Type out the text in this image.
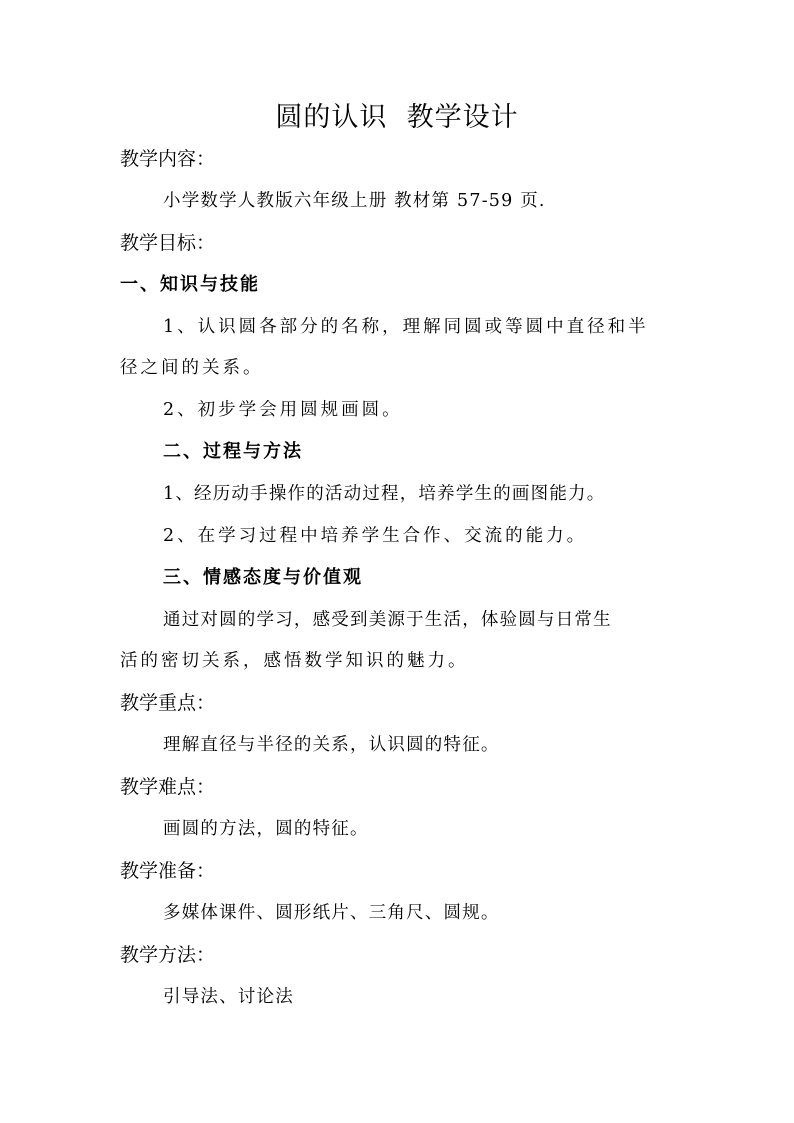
圆的认识  教学设计
教学内容：
小学数学人教版六年级上册 教材第 57-59 页.
教学目标：
一、知识与技能
1、认识圆各部分的名称，理解同圆或等圆中直径和半
径之间的关系。
2、初步学会用圆规画圆。
二、过程与方法
1、经历动手操作的活动过程，培养学生的画图能力。
2、在学习过程中培养学生合作、交流的能力。
三、情感态度与价值观
通过对圆的学习，感受到美源于生活，体验圆与日常生
活的密切关系，感悟数学知识的魅力。
教学重点：
理解直径与半径的关系，认识圆的特征。
教学难点：
画圆的方法，圆的特征。
教学准备：
多媒体课件、圆形纸片、三角尺、圆规。
教学方法：
引导法、讨论法
